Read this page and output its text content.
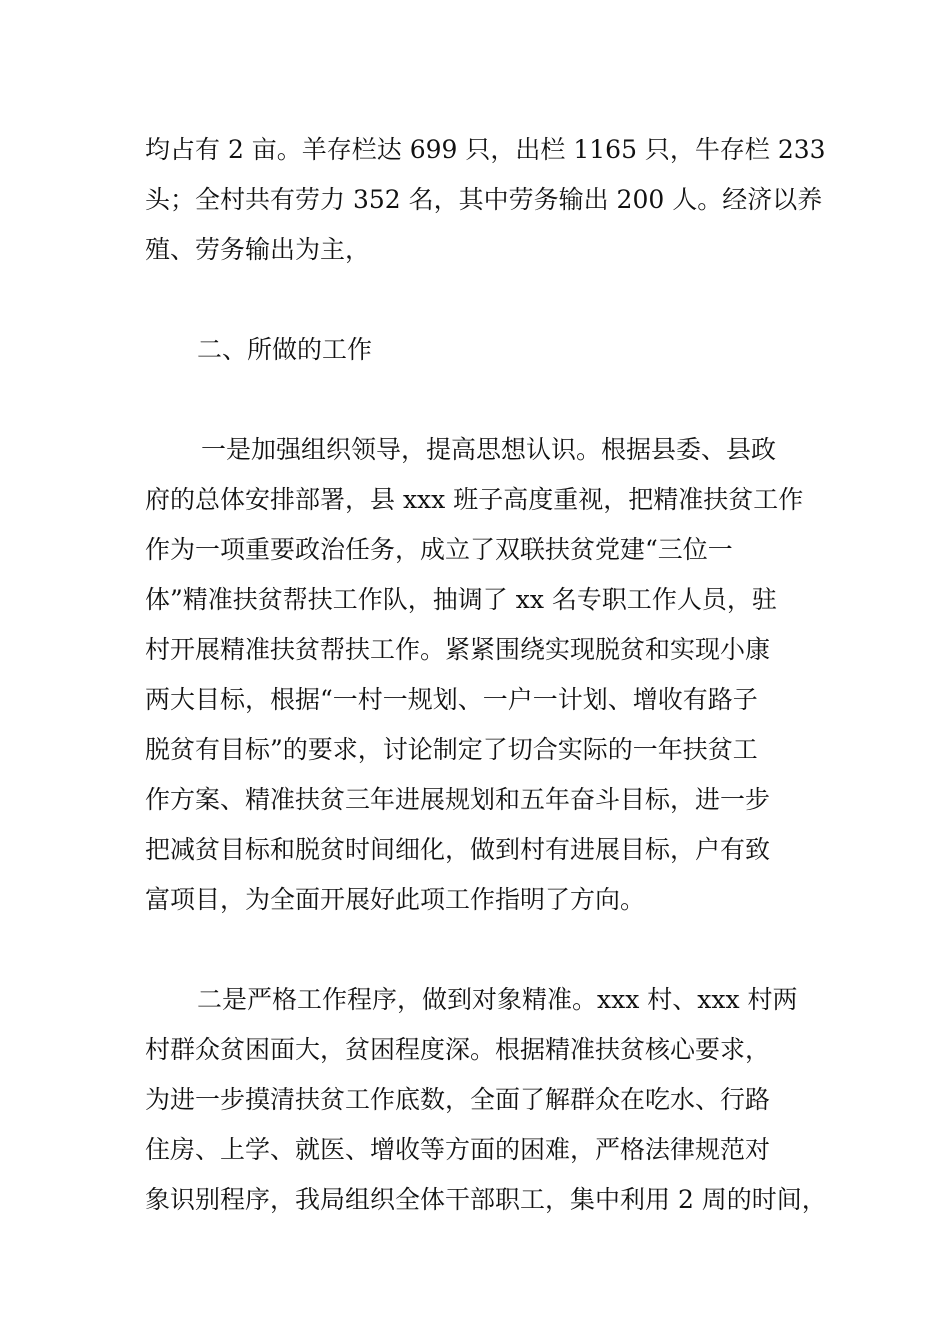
均占有 2 亩。羊存栏达 699 只，出栏 1165 只，牛存栏 233
头；全村共有劳力 352 名，其中劳务输出 200 人。经济以养
殖、劳务输出为主，
二、所做的工作
一是加强组织领导，提高思想认识。根据县委、县政
府的总体安排部署，县 xxx 班子高度重视，把精准扶贫工作
作为一项重要政治任务，成立了双联扶贫党建“三位一
体”精准扶贫帮扶工作队，抽调了 xx 名专职工作人员，驻
村开展精准扶贫帮扶工作。紧紧围绕实现脱贫和实现小康
两大目标，根据“一村一规划、一户一计划、增收有路子
脱贫有目标”的要求，讨论制定了切合实际的一年扶贫工
作方案、精准扶贫三年进展规划和五年奋斗目标，进一步
把减贫目标和脱贫时间细化，做到村有进展目标，户有致
富项目，为全面开展好此项工作指明了方向。
二是严格工作程序，做到对象精准。xxx 村、xxx 村两
村群众贫困面大，贫困程度深。根据精准扶贫核心要求，
为进一步摸清扶贫工作底数，全面了解群众在吃水、行路
住房、上学、就医、增收等方面的困难，严格法律规范对
象识别程序，我局组织全体干部职工，集中利用 2 周的时间，
